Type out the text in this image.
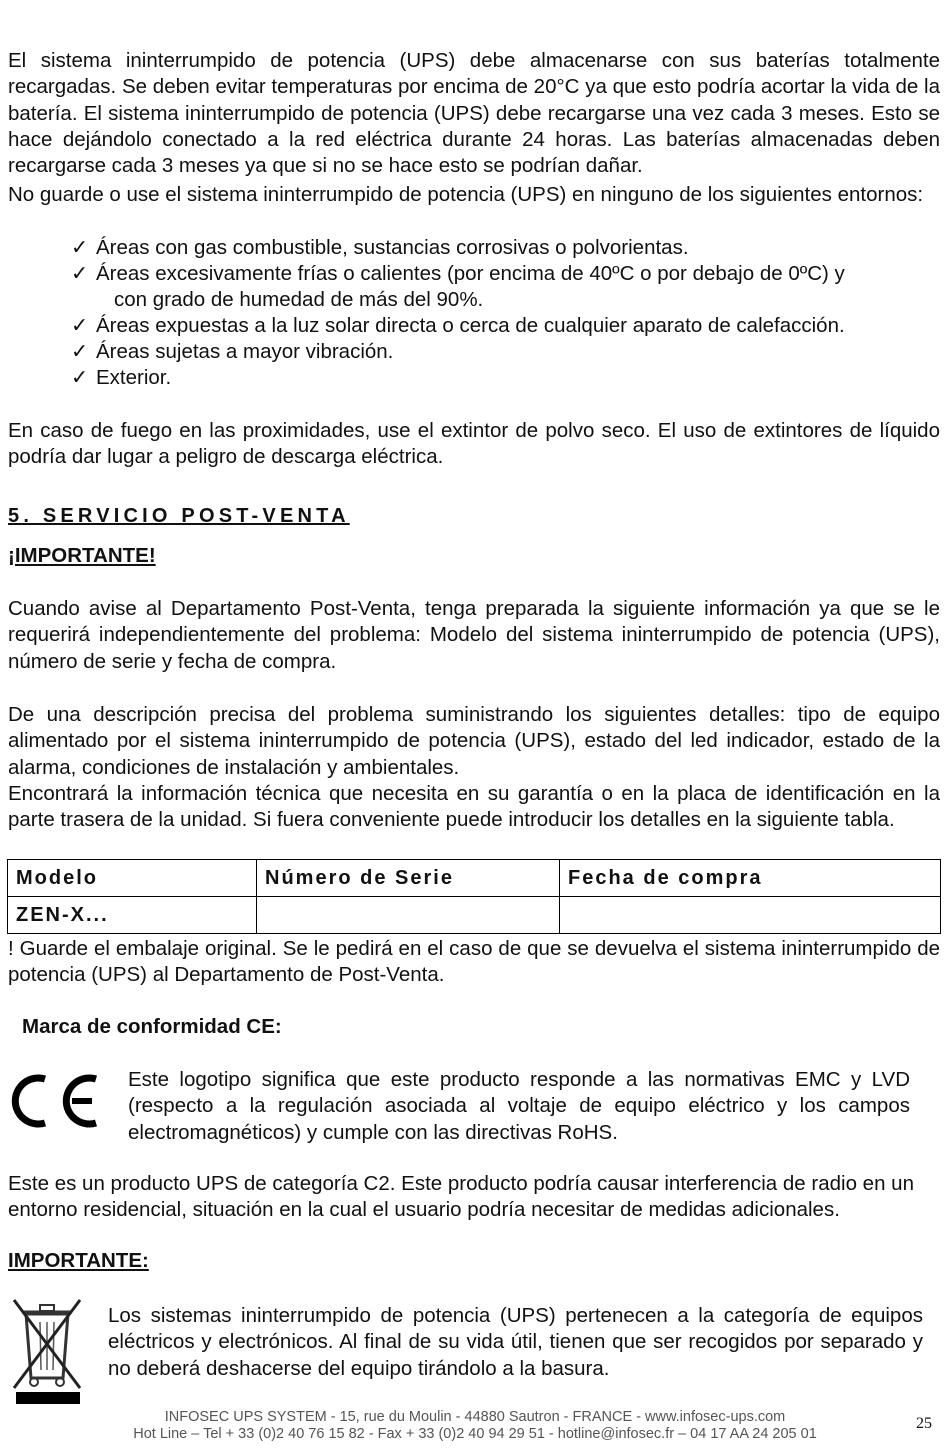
El sistema ininterrumpido de potencia (UPS) debe almacenarse con sus baterías totalmente recargadas. Se deben evitar temperaturas por encima de 20°C ya que esto podría acortar la vida de la batería. El sistema ininterrumpido de potencia (UPS) debe recargarse una vez cada 3 meses. Esto se hace dejándolo conectado a la red eléctrica durante 24 horas. Las baterías almacenadas deben recargarse cada 3 meses ya que si no se hace esto se podrían dañar.
No guarde o use el sistema ininterrumpido de potencia (UPS) en ninguno de los siguientes entornos:
✓ Áreas con gas combustible, sustancias corrosivas o polvorientas.
✓ Áreas excesivamente frías o calientes (por encima de 40ºC o por debajo de 0ºC) y
con grado de humedad de más del 90%.
✓ Áreas expuestas a la luz solar directa o cerca de cualquier aparato de calefacción.
✓ Áreas sujetas a mayor vibración.
✓ Exterior.
En caso de fuego en las proximidades, use el extintor de polvo seco. El uso de extintores de líquido podría dar lugar a peligro de descarga eléctrica.
5. SERVICIO POST-VENTA
¡IMPORTANTE!
Cuando avise al Departamento Post-Venta, tenga preparada la siguiente información ya que se le requerirá independientemente del problema: Modelo del sistema ininterrumpido de potencia (UPS), número de serie y fecha de compra.
De una descripción precisa del problema suministrando los siguientes detalles: tipo de equipo alimentado por el sistema ininterrumpido de potencia (UPS), estado del led indicador, estado de la alarma, condiciones de instalación y ambientales.
Encontrará la información técnica que necesita en su garantía o en la placa de identificación en la parte trasera de la unidad. Si fuera conveniente puede introducir los detalles en la siguiente tabla.
Modelo	Número de Serie	Fecha de compra
ZEN-X...		
! Guarde el embalaje original. Se le pedirá en el caso de que se devuelva el sistema ininterrumpido de potencia (UPS) al Departamento de Post-Venta.
Marca de conformidad CE:
Este logotipo significa que este producto responde a las normativas EMC y LVD (respecto a la regulación asociada al voltaje de equipo eléctrico y los campos electromagnéticos) y cumple con las directivas RoHS.
Este es un producto UPS de categoría C2. Este producto podría causar interferencia de radio en un entorno residencial, situación en la cual el usuario podría necesitar de medidas adicionales.
IMPORTANTE:
Los sistemas ininterrumpido de potencia (UPS) pertenecen a la categoría de equipos eléctricos y electrónicos. Al final de su vida útil, tienen que ser recogidos por separado y no deberá deshacerse del equipo tirándolo a la basura.
INFOSEC UPS SYSTEM - 15, rue du Moulin - 44880 Sautron - FRANCE - www.infosec-ups.com
Hot Line – Tel + 33 (0)2 40 76 15 82 - Fax + 33 (0)2 40 94 29 51 - hotline@infosec.fr – 04 17 AA 24 205 01
25
